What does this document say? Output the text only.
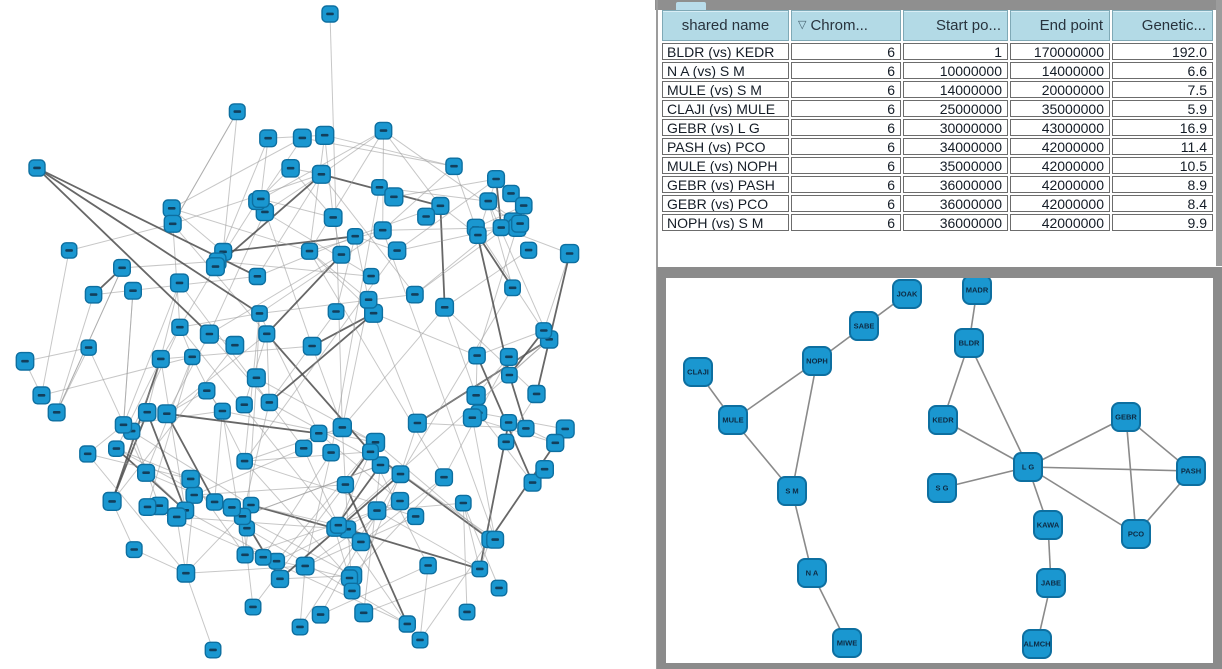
shared name	▽ Chrom...	Start po...	End point	Genetic...
BLDR (vs) KEDR	6	1	170000000	192.0
N A (vs) S M	6	10000000	14000000	6.6
MULE (vs) S M	6	14000000	20000000	7.5
CLAJI (vs) MULE	6	25000000	35000000	5.9
GEBR (vs) L G	6	30000000	43000000	16.9
PASH (vs) PCO	6	34000000	42000000	11.4
MULE (vs) NOPH	6	35000000	42000000	10.5
GEBR (vs) PASH	6	36000000	42000000	8.9
GEBR (vs) PCO	6	36000000	42000000	8.4
NOPH (vs) S M	6	36000000	42000000	9.9
CLAJI
MULE
NOPH
SABE
JOAK	MADR
BLDR
KEDR
L G
GEBR
PASH
PCO
KAWA
S G
S M
N A
MIWE
JABE
ALMCH
